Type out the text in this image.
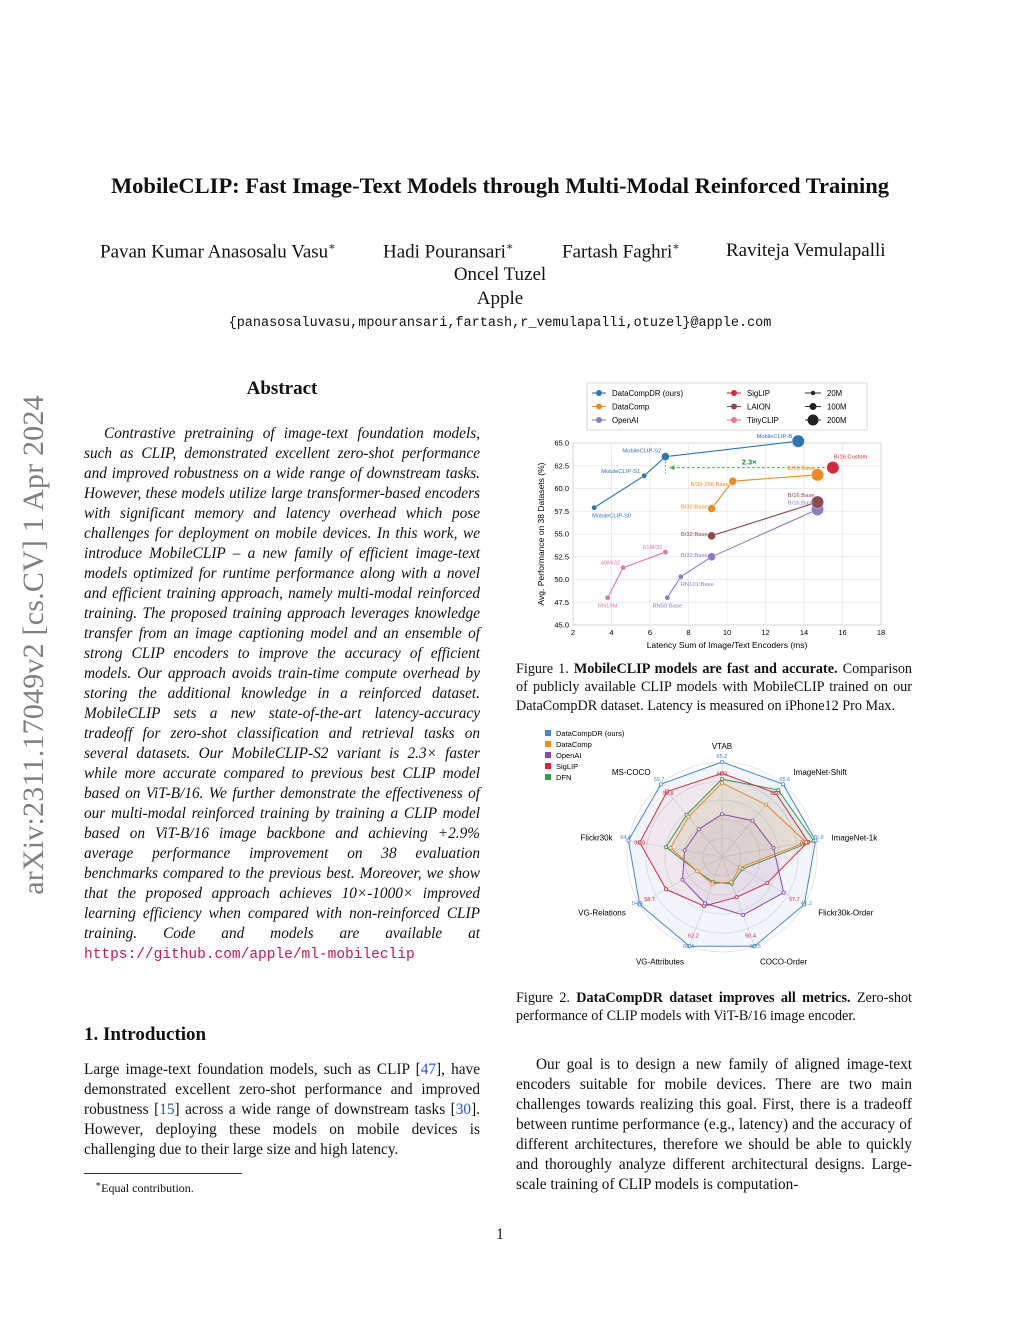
MobileCLIP: Fast Image-Text Models through Multi-Modal Reinforced Training
Pavan Kumar Anasosalu Vasu∗ Hadi Pouransari∗	Fartash Faghri∗ Raviteja Vemulapalli
Oncel Tuzel
Apple
{panasosaluvasu,mpouransari,fartash,r_vemulapalli,otuzel}@apple.com
arXiv:2311.17049v2 [cs.CV] 1 Apr 2024
Abstract
Contrastive pretraining of image-text foundation models, such as CLIP, demonstrated excellent zero-shot performance and improved robustness on a wide range of downstream tasks. However, these models utilize large transformer-based encoders with significant memory and latency overhead which pose challenges for deployment on mobile devices. In this work, we introduce MobileCLIP – a new family of efficient image-text models optimized for runtime performance along with a novel and efficient training approach, namely multi-modal reinforced training. The proposed training approach leverages knowledge transfer from an image captioning model and an ensemble of strong CLIP encoders to improve the accuracy of efficient models. Our approach avoids train-time compute overhead by storing the additional knowledge in a reinforced dataset. MobileCLIP sets a new state-of-the-art latency-accuracy tradeoff for zero-shot classification and retrieval tasks on several datasets. Our MobileCLIP-S2 variant is 2.3× faster while more accurate compared to previous best CLIP model based on ViT-B/16. We further demonstrate the effectiveness of our multi-modal reinforced training by training a CLIP model based on ViT-B/16 image backbone and achieving +2.9% average performance improvement on 38 evaluation benchmarks compared to the previous best. Moreover, we show that the proposed approach achieves 10×-1000× improved learning efficiency when compared with non-reinforced CLIP training. Code and models are available at https://github.com/apple/ml-mobileclip
1. Introduction
Large image-text foundation models, such as CLIP [47], have demonstrated excellent zero-shot performance and improved robustness [15] across a wide range of downstream tasks [30]. However, deploying these models on mobile devices is challenging due to their large size and high latency.
∗Equal contribution.
DataCompDR (ours)
DataComp
OpenAI
SigLIP
LAION
TinyCLIP
20M
100M
200M
2	4	6	8	10	12	14	16	18
45.0
47.5
50.0
52.5
55.0
57.5
60.0
62.5
65.0
2.3×
MobileCLIP-S0
MobileCLIP-S1
MobileCLIP-S2
MobileCLIP-B
B/32:Base
B/32-256:Base
B/16:Base
RN50:Base
RN101:Base
B/32:Base
B/16:Base
B/16:Custom
B/32:Base
B/16:Base
RN19M
40M/32
61M/32
Latency Sum of Image/Text Encoders (ms)
Avg. Performance on 38 Datasets (%)
Figure 1. MobileCLIP models are fast and accurate. Comparison of publicly available CLIP models with MobileCLIP trained on our DataCompDR dataset. Latency is measured on iPhone12 Pro Max.
DataCompDR (ours)
DataComp
OpenAI
SigLIP
DFN
VTAB
ImageNet-Shift
ImageNet-1k
Flickr30k-Order
COCO-Order
VG-Attributes
VG-Relations
Flickr30k
MS-COCO
65.2
62.3
65.6
62.3
76.8
76.2
61.2
57.7
55.5
50.4
68.4
62.2
54.6
58.7
84.4
81.9
59.7
56.8
Figure 2. DataCompDR dataset improves all metrics. Zero-shot performance of CLIP models with ViT-B/16 image encoder.
Our goal is to design a new family of aligned image-text encoders suitable for mobile devices. There are two main challenges towards realizing this goal. First, there is a tradeoff between runtime performance (e.g., latency) and the accuracy of different architectures, therefore we should be able to quickly and thoroughly analyze different architectural designs. Large-scale training of CLIP models is computation-
1
